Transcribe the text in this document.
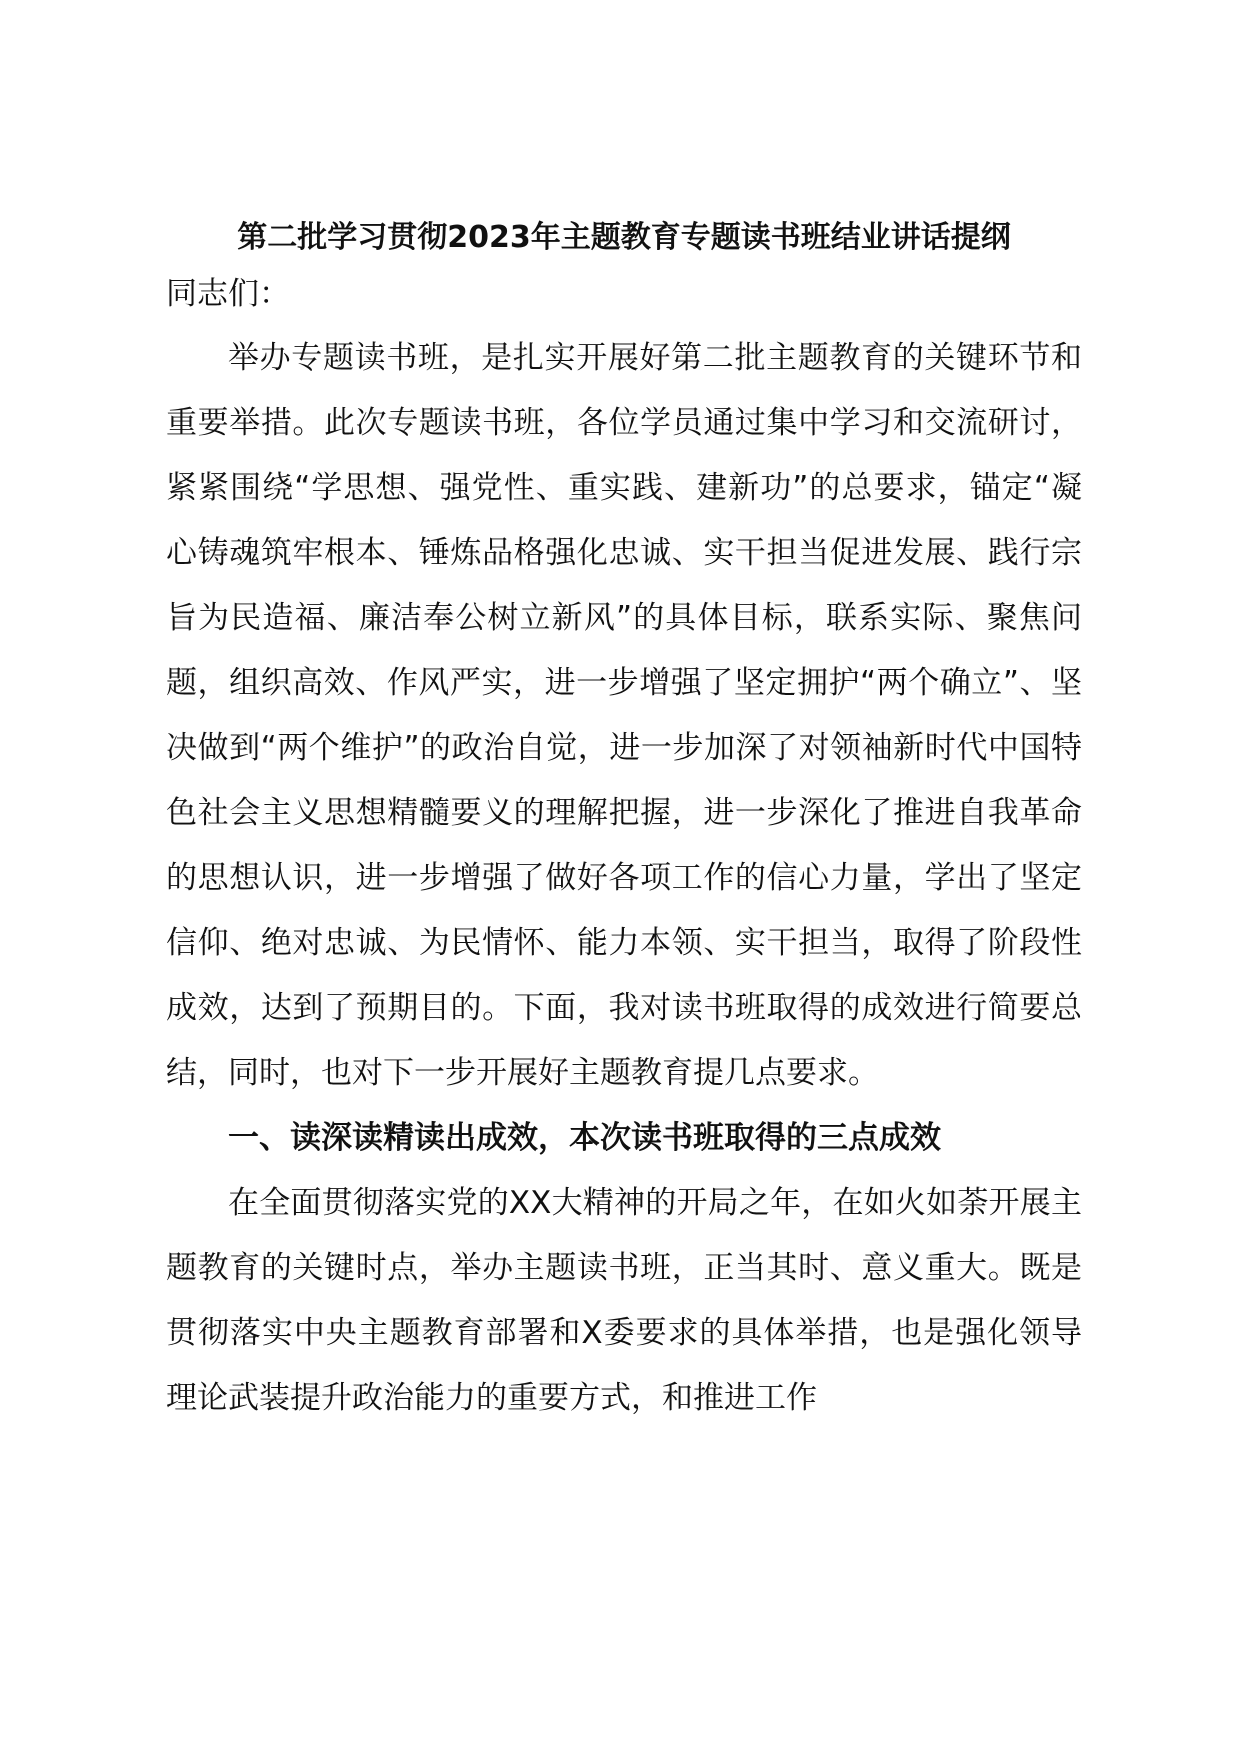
第二批学习贯彻2023年主题教育专题读书班结业讲话提纲

同志们：

举办专题读书班，是扎实开展好第二批主题教育的关键环节和重要举措。此次专题读书班，各位学员通过集中学习和交流研讨，紧紧围绕“学思想、强党性、重实践、建新功”的总要求，锚定“凝心铸魂筑牢根本、锤炼品格强化忠诚、实干担当促进发展、践行宗旨为民造福、廉洁奉公树立新风”的具体目标，联系实际、聚焦问题，组织高效、作风严实，进一步增强了坚定拥护“两个确立”、坚决做到“两个维护”的政治自觉，进一步加深了对领袖新时代中国特色社会主义思想精髓要义的理解把握，进一步深化了推进自我革命的思想认识，进一步增强了做好各项工作的信心力量，学出了坚定信仰、绝对忠诚、为民情怀、能力本领、实干担当，取得了阶段性成效，达到了预期目的。下面，我对读书班取得的成效进行简要总结，同时，也对下一步开展好主题教育提几点要求。

一、读深读精读出成效，本次读书班取得的三点成效

在全面贯彻落实党的XX大精神的开局之年，在如火如荼开展主题教育的关键时点，举办主题读书班，正当其时、意义重大。既是贯彻落实中央主题教育部署和X委要求的具体举措，也是强化领导理论武装提升政治能力的重要方式，和推进工作
